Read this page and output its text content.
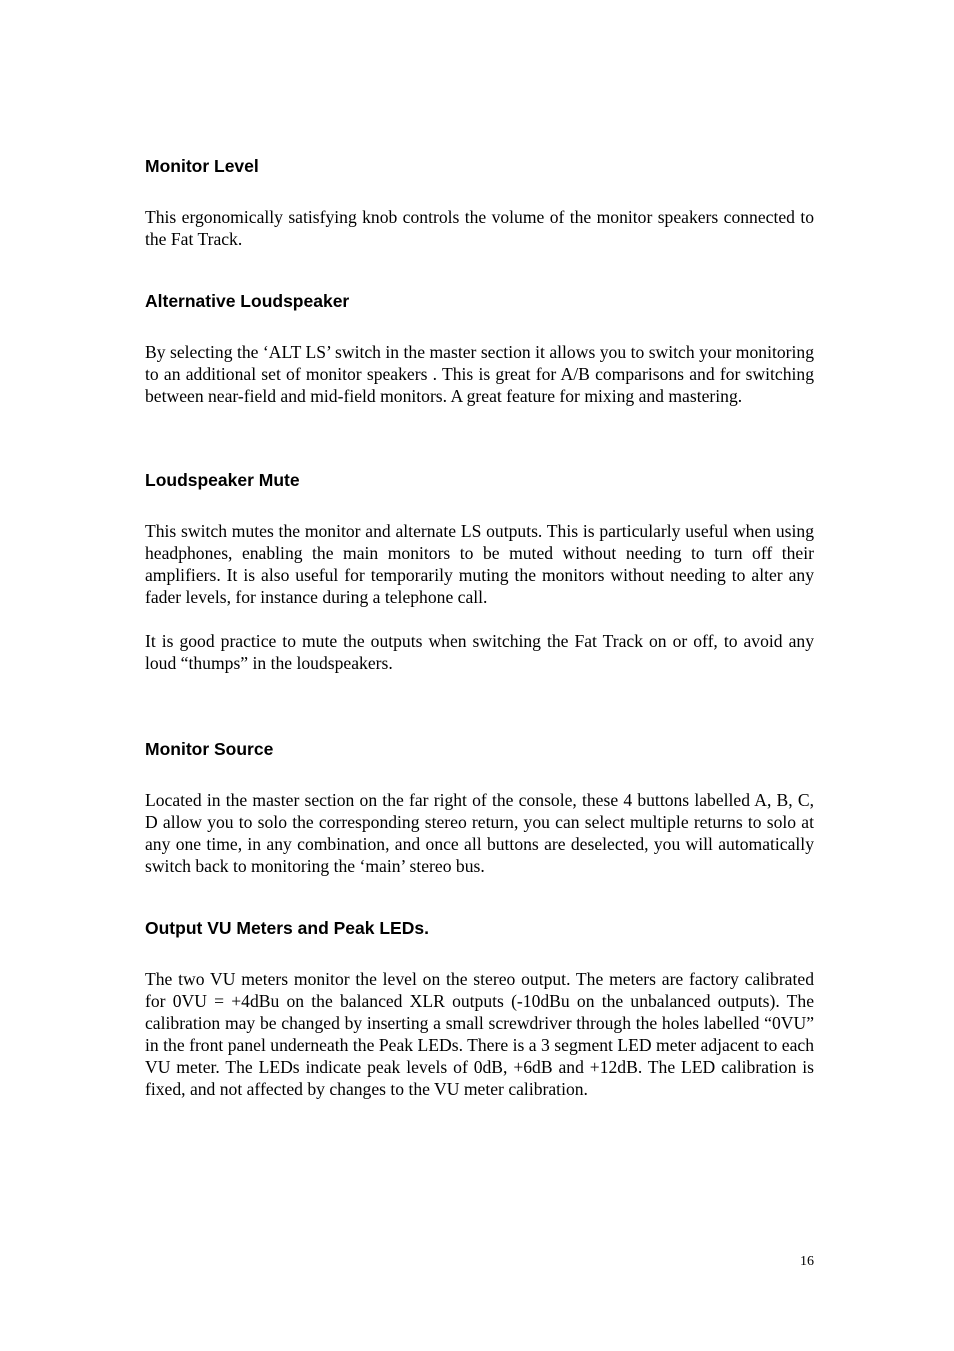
Monitor Level

This ergonomically satisfying knob controls the volume of the monitor speakers connected to the Fat Track.

Alternative Loudspeaker

By selecting the ‘ALT LS’ switch in the master section it allows you to switch your monitoring to an additional set of monitor speakers . This is great for A/B comparisons and for switching between near-field and mid-field monitors. A great feature for mixing and mastering.

Loudspeaker Mute

This switch mutes the monitor and alternate LS outputs. This is particularly useful when using headphones, enabling the main monitors to be muted without needing to turn off their amplifiers. It is also useful for temporarily muting the monitors without needing to alter any fader levels, for instance during a telephone call.

It is good practice to mute the outputs when switching the Fat Track on or off, to avoid any loud “thumps” in the loudspeakers.

Monitor Source

Located in the master section on the far right of the console, these 4 buttons labelled A, B, C, D allow you to solo the corresponding stereo return, you can select multiple returns to solo at any one time, in any combination, and once all buttons are deselected, you will automatically switch back to monitoring the ‘main’ stereo bus.

Output VU Meters and Peak LEDs.

The two VU meters monitor the level on the stereo output. The meters are factory calibrated for 0VU = +4dBu on the balanced XLR outputs (-10dBu on the unbalanced outputs). The calibration may be changed by inserting a small screwdriver through the holes labelled “0VU” in the front panel underneath the Peak LEDs. There is a 3 segment LED meter adjacent to each VU meter. The LEDs indicate peak levels of 0dB, +6dB and +12dB. The LED calibration is fixed, and not affected by changes to the VU meter calibration.

16
